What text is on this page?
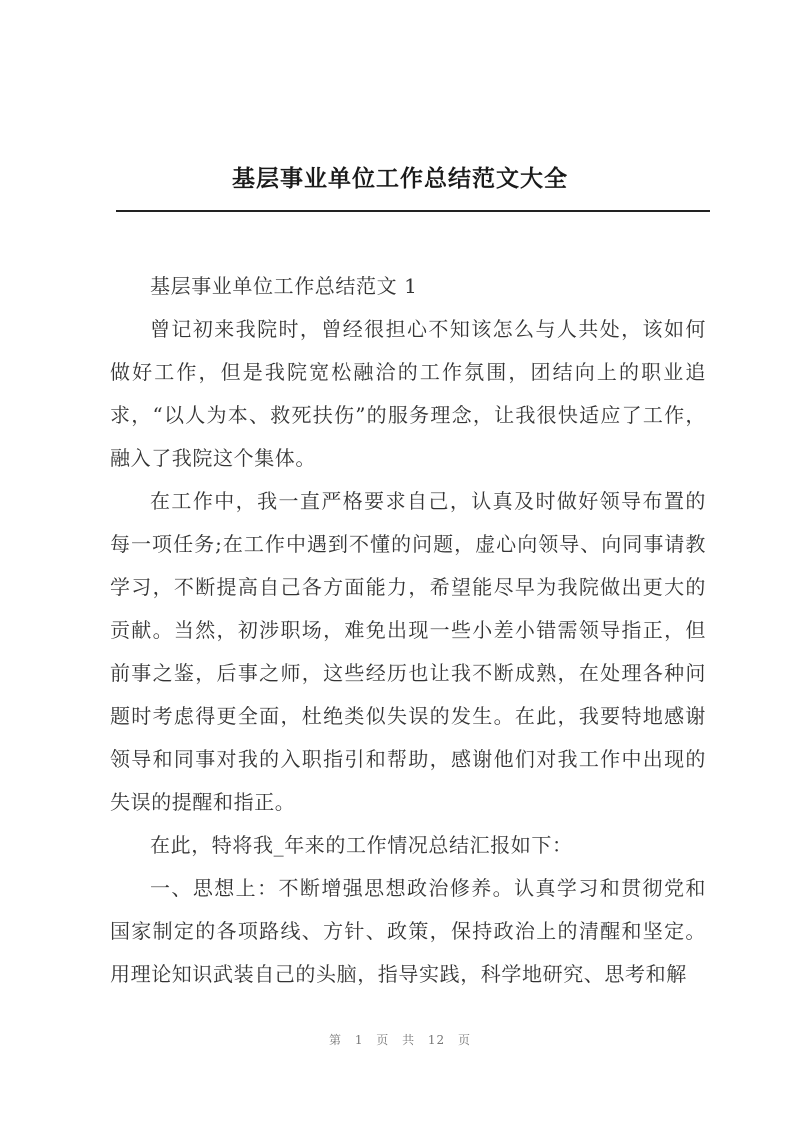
基层事业单位工作总结范文大全

基层事业单位工作总结范文 1

曾记初来我院时，曾经很担心不知该怎么与人共处，该如何做好工作，但是我院宽松融洽的工作氛围，团结向上的职业追求，“以人为本、救死扶伤”的服务理念，让我很快适应了工作，融入了我院这个集体。

在工作中，我一直严格要求自己，认真及时做好领导布置的每一项任务;在工作中遇到不懂的问题，虚心向领导、向同事请教学习，不断提高自己各方面能力，希望能尽早为我院做出更大的贡献。当然，初涉职场，难免出现一些小差小错需领导指正，但前事之鉴，后事之师，这些经历也让我不断成熟，在处理各种问题时考虑得更全面，杜绝类似失误的发生。在此，我要特地感谢领导和同事对我的入职指引和帮助，感谢他们对我工作中出现的失误的提醒和指正。

在此，特将我_年来的工作情况总结汇报如下：

一、思想上：不断增强思想政治修养。认真学习和贯彻党和国家制定的各项路线、方针、政策，保持政治上的清醒和坚定。用理论知识武装自己的头脑，指导实践，科学地研究、思考和解

第 1 页 共 12 页
